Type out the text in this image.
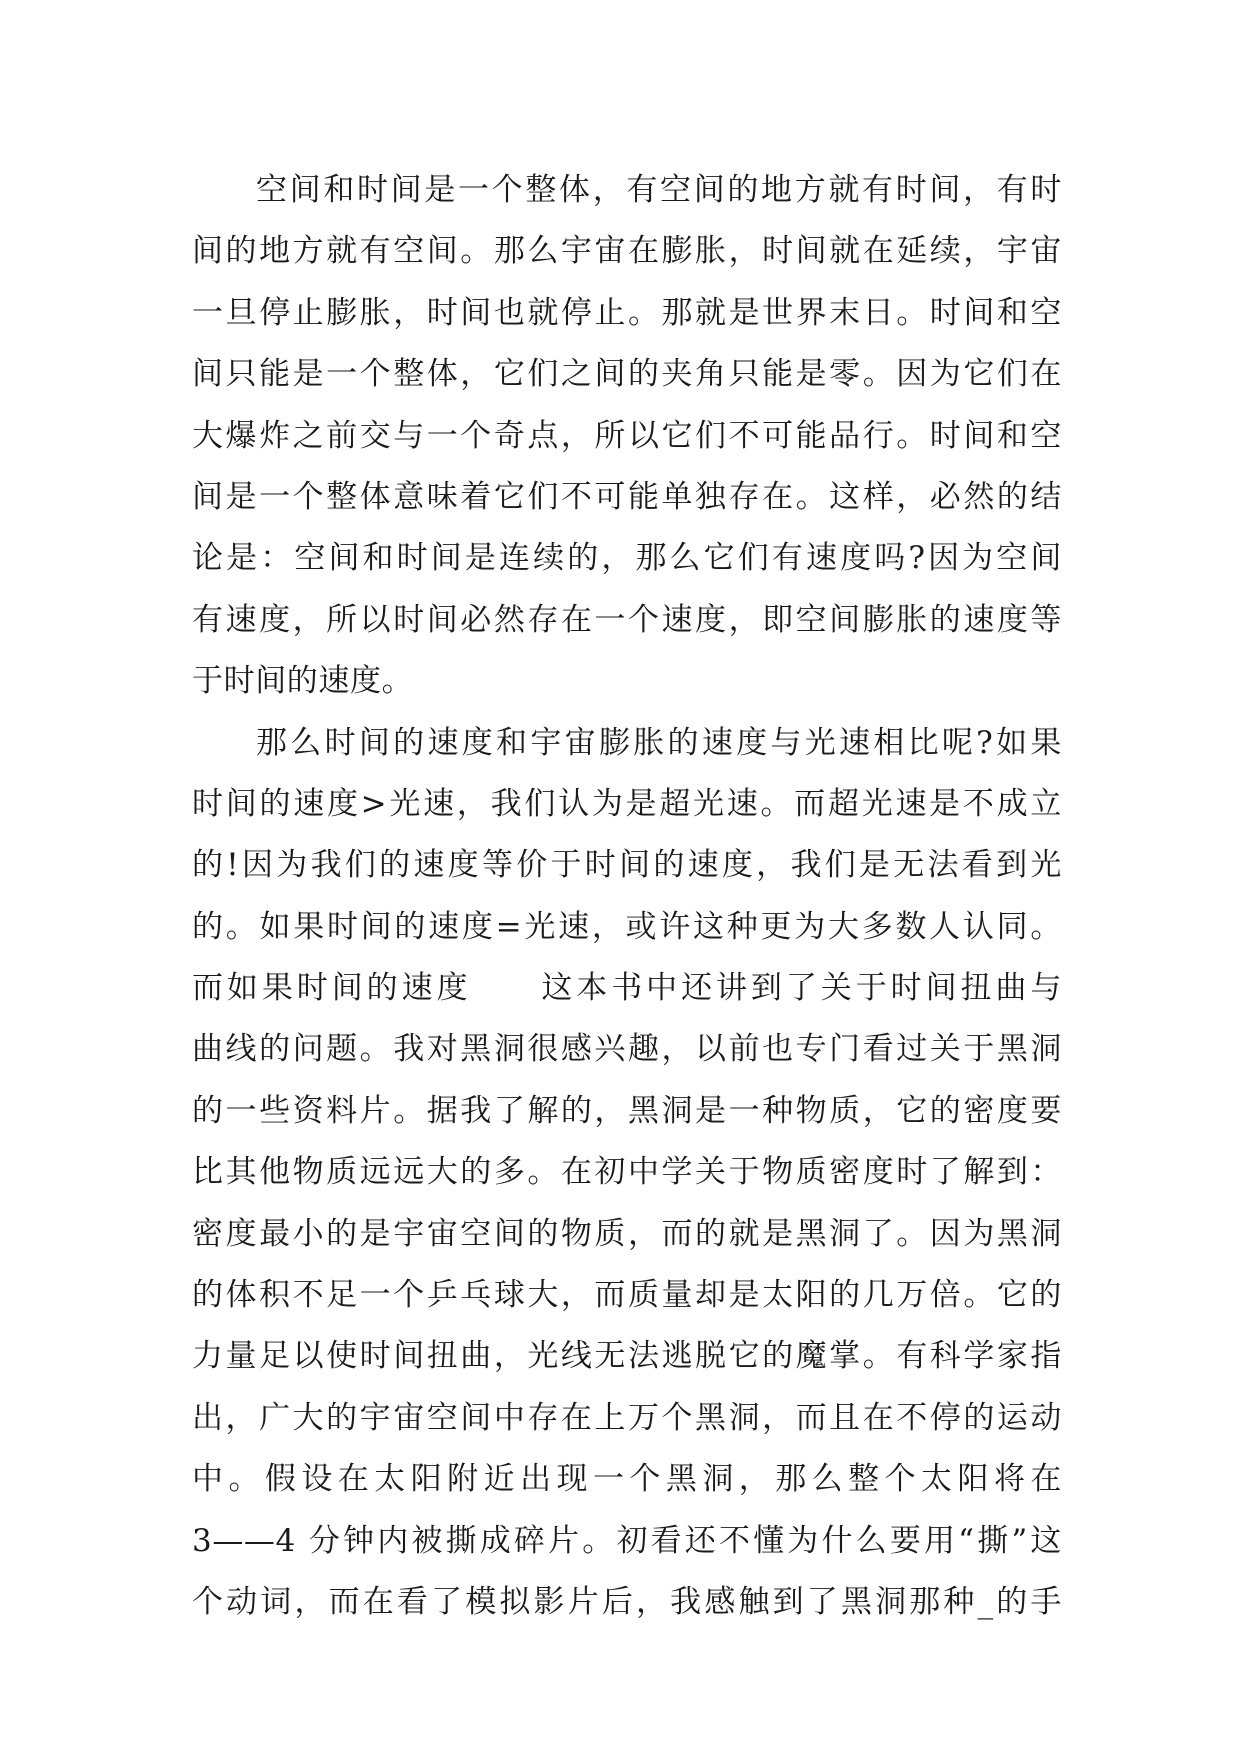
空间和时间是一个整体，有空间的地方就有时间，有时
间的地方就有空间。那么宇宙在膨胀，时间就在延续，宇宙
一旦停止膨胀，时间也就停止。那就是世界末日。时间和空
间只能是一个整体，它们之间的夹角只能是零。因为它们在
大爆炸之前交与一个奇点，所以它们不可能品行。时间和空
间是一个整体意味着它们不可能单独存在。这样，必然的结
论是：空间和时间是连续的，那么它们有速度吗?因为空间
有速度，所以时间必然存在一个速度，即空间膨胀的速度等
于时间的速度。
那么时间的速度和宇宙膨胀的速度与光速相比呢?如果
时间的速度>光速，我们认为是超光速。而超光速是不成立
的!因为我们的速度等价于时间的速度，我们是无法看到光
的。如果时间的速度=光速，或许这种更为大多数人认同。
而如果时间的速度　　这本书中还讲到了关于时间扭曲与
曲线的问题。我对黑洞很感兴趣，以前也专门看过关于黑洞
的一些资料片。据我了解的，黑洞是一种物质，它的密度要
比其他物质远远大的多。在初中学关于物质密度时了解到：
密度最小的是宇宙空间的物质，而的就是黑洞了。因为黑洞
的体积不足一个乒乓球大，而质量却是太阳的几万倍。它的
力量足以使时间扭曲，光线无法逃脱它的魔掌。有科学家指
出，广大的宇宙空间中存在上万个黑洞，而且在不停的运动
中。假设在太阳附近出现一个黑洞，那么整个太阳将在
3——4 分钟内被撕成碎片。初看还不懂为什么要用“撕”这
个动词，而在看了模拟影片后，我感触到了黑洞那种_的手
